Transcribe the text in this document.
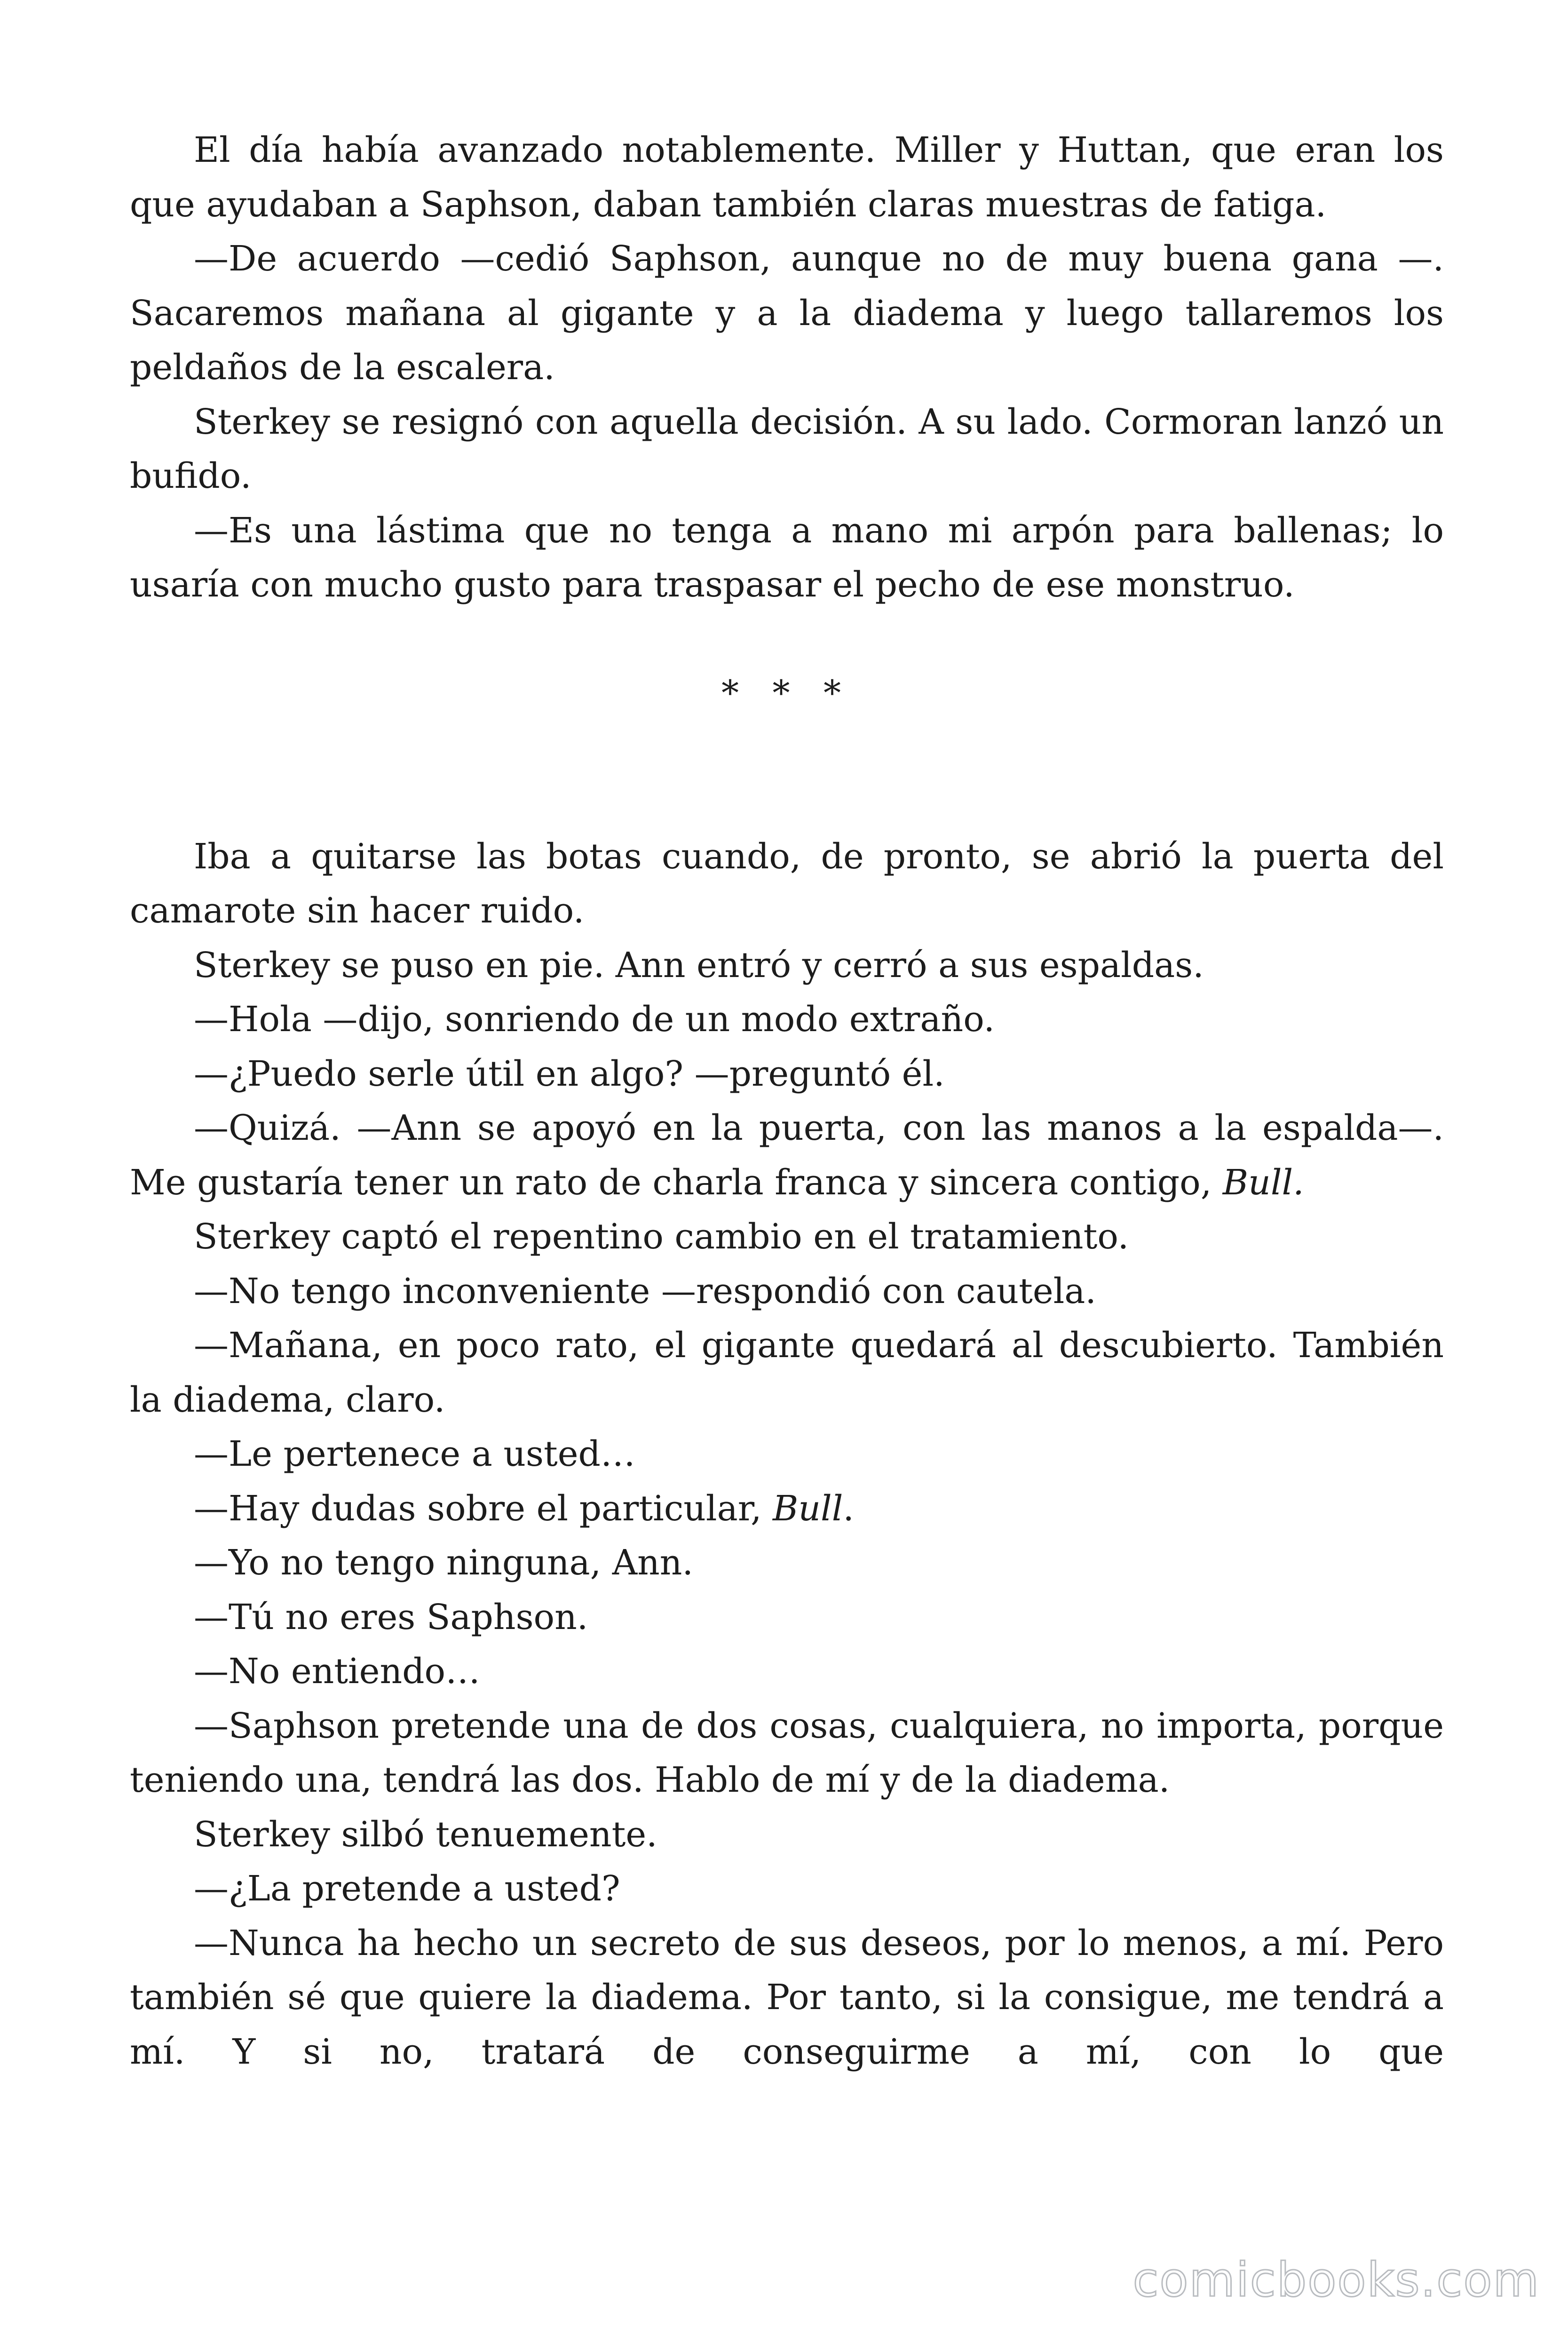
El día había avanzado notablemente. Miller y Huttan, que eran los que ayudaban a Saphson, daban también claras muestras de fatiga.

—De acuerdo —cedió Saphson, aunque no de muy buena gana —. Sacaremos mañana al gigante y a la diadema y luego tallaremos los peldaños de la escalera.

Sterkey se resignó con aquella decisión. A su lado. Cormoran lanzó un bufido.

—Es una lástima que no tenga a mano mi arpón para ballenas; lo usaría con mucho gusto para traspasar el pecho de ese monstruo.

* * *

Iba a quitarse las botas cuando, de pronto, se abrió la puerta del camarote sin hacer ruido.

Sterkey se puso en pie. Ann entró y cerró a sus espaldas.

—Hola —dijo, sonriendo de un modo extraño.

—¿Puedo serle útil en algo? —preguntó él.

—Quizá. —Ann se apoyó en la puerta, con las manos a la espalda—. Me gustaría tener un rato de charla franca y sincera contigo, Bull.

Sterkey captó el repentino cambio en el tratamiento.

—No tengo inconveniente —respondió con cautela.

—Mañana, en poco rato, el gigante quedará al descubierto. También la diadema, claro.

—Le pertenece a usted…

—Hay dudas sobre el particular, Bull.

—Yo no tengo ninguna, Ann.

—Tú no eres Saphson.

—No entiendo…

—Saphson pretende una de dos cosas, cualquiera, no importa, porque teniendo una, tendrá las dos. Hablo de mí y de la diadema.

Sterkey silbó tenuemente.

—¿La pretende a usted?

—Nunca ha hecho un secreto de sus deseos, por lo menos, a mí. Pero también sé que quiere la diadema. Por tanto, si la consigue, me tendrá a mí. Y si no, tratará de conseguirme a mí, con lo que

comicbooks.com
